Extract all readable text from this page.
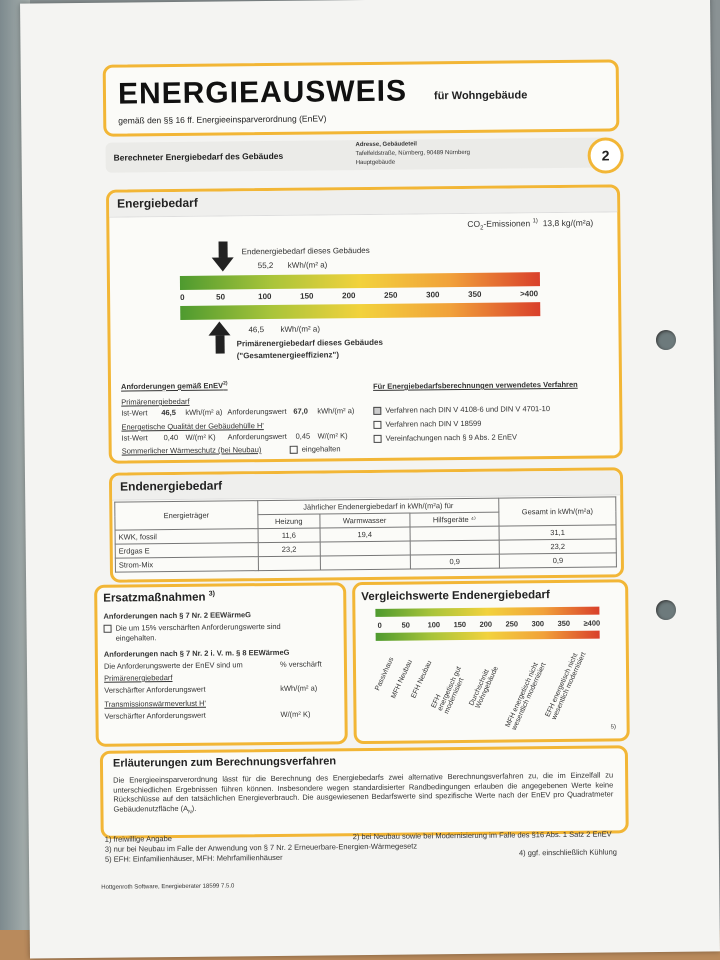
ENERGIEAUSWEIS für Wohngebäude
gemäß den §§ 16 ff. Energieeinsparverordnung (EnEV)
Berechneter Energiebedarf des Gebäudes
Adresse, Gebäudeteil
Tafelfeldstraße, Nürnberg, 90489 Nürnberg
Hauptgebäude	2
Energiebedarf
$CO_2$-Emissionen $^{1)}$ 13,8 kg/(m²a)
Endenergiebedarf dieses Gebäudes
55,2 kWh/(m² a)
0	50	100	150	200	250	300	350	>400
46,5 kWh/(m² a)
Primärenergiebedarf dieses Gebäudes
("Gesamtenergieeffizienz")
Anforderungen gemäß EnEV$^{2)}$
Primärenergiebedarf
Ist-Wert 46,5 kWh/(m² a) Anforderungswert 67,0 kWh/(m² a)
Energetische Qualität der Gebäudehülle H'
Ist-Wert 0,40 W/(m² K) Anforderungswert 0,45 W/(m² K)
Sommerlicher Wärmeschutz (bei Neubau)	eingehalten
Für Energiebedarfsberechnungen verwendetes Verfahren
Verfahren nach DIN V 4108-6 und DIN V 4701-10
Verfahren nach DIN V 18599
Vereinfachungen nach § 9 Abs. 2 EnEV
Endenergiebedarf
Energieträger	Jährlicher Endenergiebedarf in kWh/(m²a) für			Gesamt in kWh/(m²a)
	Heizung	Warmwasser	Hilfsgeräte ⁴⁾	
KWK, fossil	11,6	19,4		31,1
Erdgas E	23,2			23,2
Strom-Mix			0,9	0,9
Ersatzmaßnahmen $^{3)}$
Anforderungen nach § 7 Nr. 2 EEWärmeG
Die um 15% verschärften Anforderungswerte sind
eingehalten.
Anforderungen nach § 7 Nr. 2 i. V. m. § 8 EEWärmeG
Die Anforderungswerte der EnEV sind um	% verschärft
Primärenergiebedarf
Verschärfter Anforderungswert	kWh/(m² a)
Transmissionswärmeverlust H'
Verschärfter Anforderungswert	W/(m² K)
Vergleichswerte Endenergiebedarf
0	50 100 150 200 250 300 350 ≥400
Passivhaus
MFH Neubau
EFH Neubau
EFH energetisch gut modernisiert Durchschnitt Wohngebäude MFH energetisch nicht wesentlich modernisiert
EFH energetisch nicht wesentlich modernisiert
5)
Erläuterungen zum Berechnungsverfahren
Die Energieeinsparverordnung lässt für die Berechnung des Energiebedarfs zwei alternative Berechnungsverfahren zu, die im Einzelfall zu unterschiedlichen Ergebnissen führen können. Insbesondere wegen standardisierter Randbedingungen erlauben die angegebenen Werte keine Rückschlüsse auf den tatsächlichen Energieverbrauch. Die ausgewiesenen Bedarfswerte sind spezifische Werte nach der EnEV pro Quadratmeter Gebäudenutzfläche $(A_N)$.
1) freiwillige Angabe	2) bei Neubau sowie bei Modernisierung im Falle des §16 Abs. 1 Satz 2 EnEV
3) nur bei Neubau im Falle der Anwendung von § 7 Nr. 2 Erneuerbare-Energien-Wärmegesetz
5) EFH: Einfamilienhäuser, MFH: Mehrfamilienhäuser
4) ggf. einschließlich Kühlung
Hottgenroth Software, Energieberater 18599 7.5.0
